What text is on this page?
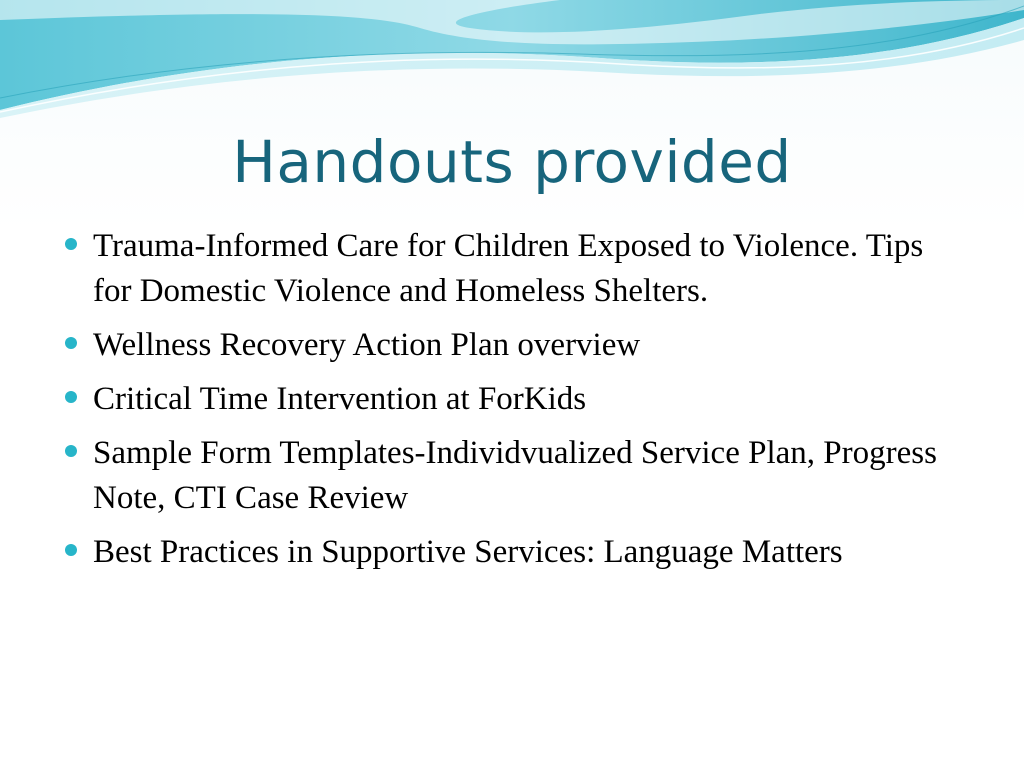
Handouts provided
Trauma-Informed Care for Children Exposed to Violence. Tips for Domestic Violence and Homeless Shelters.
Wellness Recovery Action Plan overview
Critical Time Intervention at ForKids
Sample Form Templates-Individvualized Service Plan, Progress Note, CTI Case Review
Best Practices in Supportive Services: Language Matters
